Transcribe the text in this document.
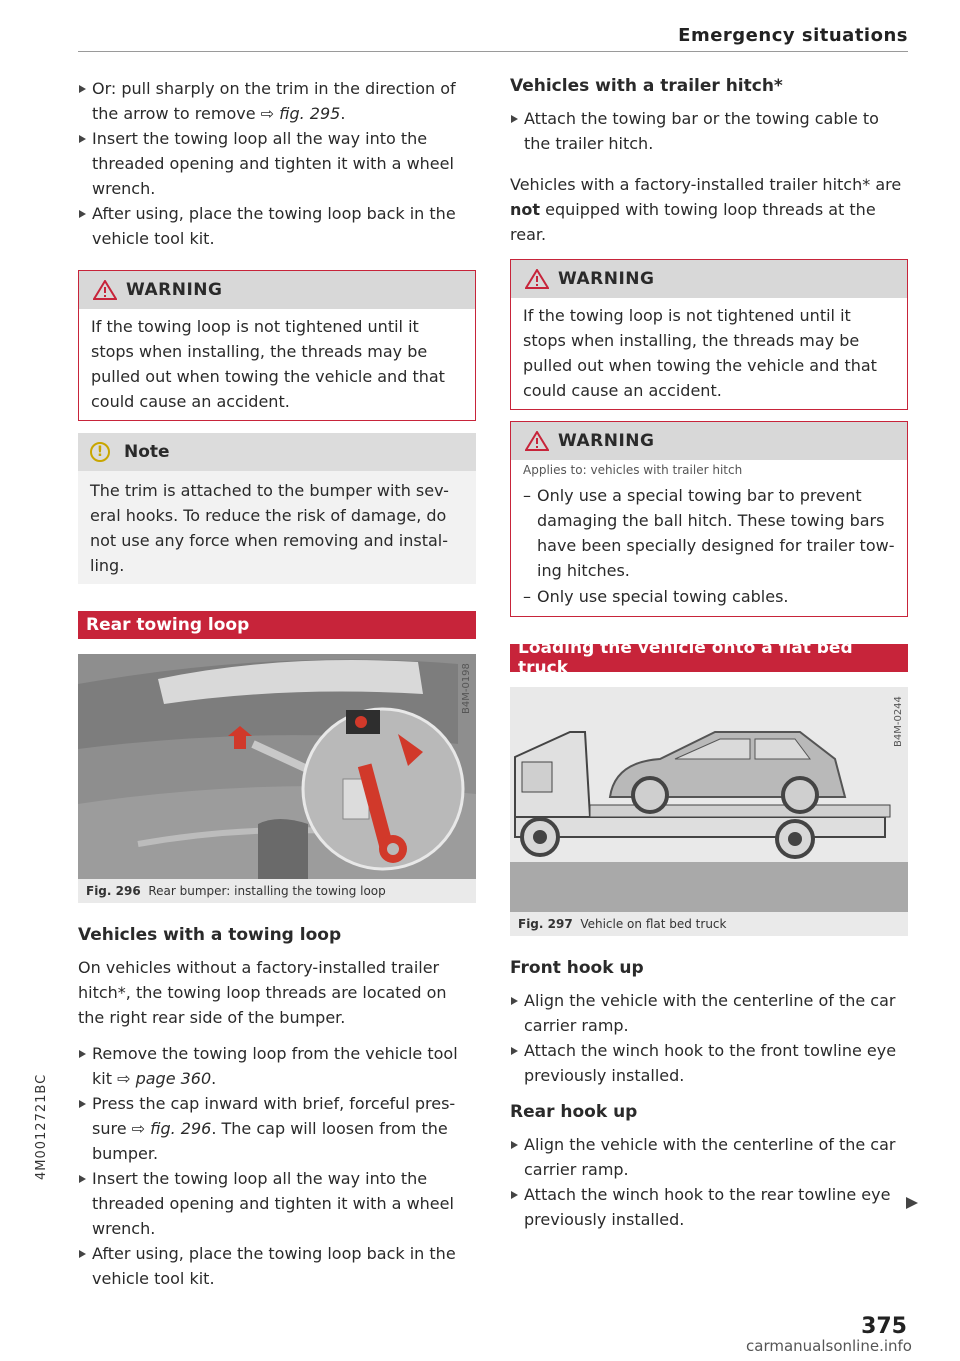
Emergency situations
Or: pull sharply on the trim in the direction of the arrow to remove ⇨ fig. 295.
Insert the towing loop all the way into the threaded opening and tighten it with a wheel wrench.
After using, place the towing loop back in the vehicle tool kit.
WARNING
If the towing loop is not tightened until it stops when installing, the threads may be pulled out when towing the vehicle and that could cause an accident.
!	Note
The trim is attached to the bumper with sev-eral hooks. To reduce the risk of damage, do not use any force when removing and instal-ling.
Rear towing loop
B4M-0198
Fig. 296 Rear bumper: installing the towing loop
Vehicles with a towing loop
On vehicles without a factory-installed trailer hitch*, the towing loop threads are located on the right rear side of the bumper.
Remove the towing loop from the vehicle tool kit ⇨ page 360.
Press the cap inward with brief, forceful pres-sure ⇨ fig. 296. The cap will loosen from the bumper.
Insert the towing loop all the way into the threaded opening and tighten it with a wheel wrench.
After using, place the towing loop back in the vehicle tool kit.
Vehicles with a trailer hitch*
Attach the towing bar or the towing cable to the trailer hitch.
Vehicles with a factory-installed trailer hitch* are not equipped with towing loop threads at the rear.
WARNING
If the towing loop is not tightened until it stops when installing, the threads may be pulled out when towing the vehicle and that could cause an accident.
WARNING
Applies to: vehicles with trailer hitch
– Only use a special towing bar to prevent damaging the ball hitch. These towing bars have been specially designed for trailer tow-ing hitches.
– Only use special towing cables.
Loading the vehicle onto a flat bed truck
B4M-0244
Fig. 297 Vehicle on flat bed truck
Front hook up
Align the vehicle with the centerline of the car carrier ramp.
Attach the winch hook to the front towline eye previously installed.
Rear hook up
Align the vehicle with the centerline of the car carrier ramp.
Attach the winch hook to the rear towline eye previously installed.
4M0012721BC
375
carmanualsonline.info
